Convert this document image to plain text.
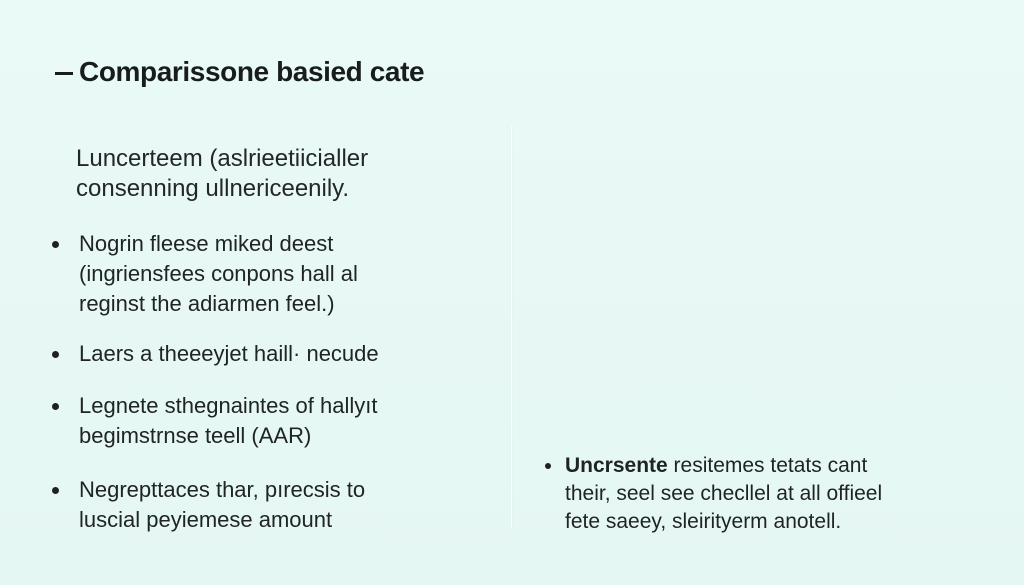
Comparissone basied cate
Luncerteem (aslrieetiicialler
consenning ullnericeenily.
Nogrin fleese miked deest
(ingriensfees conpons hall al
reginst the adiarmen feel.)
Laers a theeeyjet haill· necude
Legnete sthegnaintes of hallyıt
begimstrnse teell (AAR)
Negrepttaces thar, pırecsis to
luscial peyiemese amount
Uncrsente resitemes tetats cant
their, seel see checllel at all offieel
fete saeey, sleirityerm anotell.
